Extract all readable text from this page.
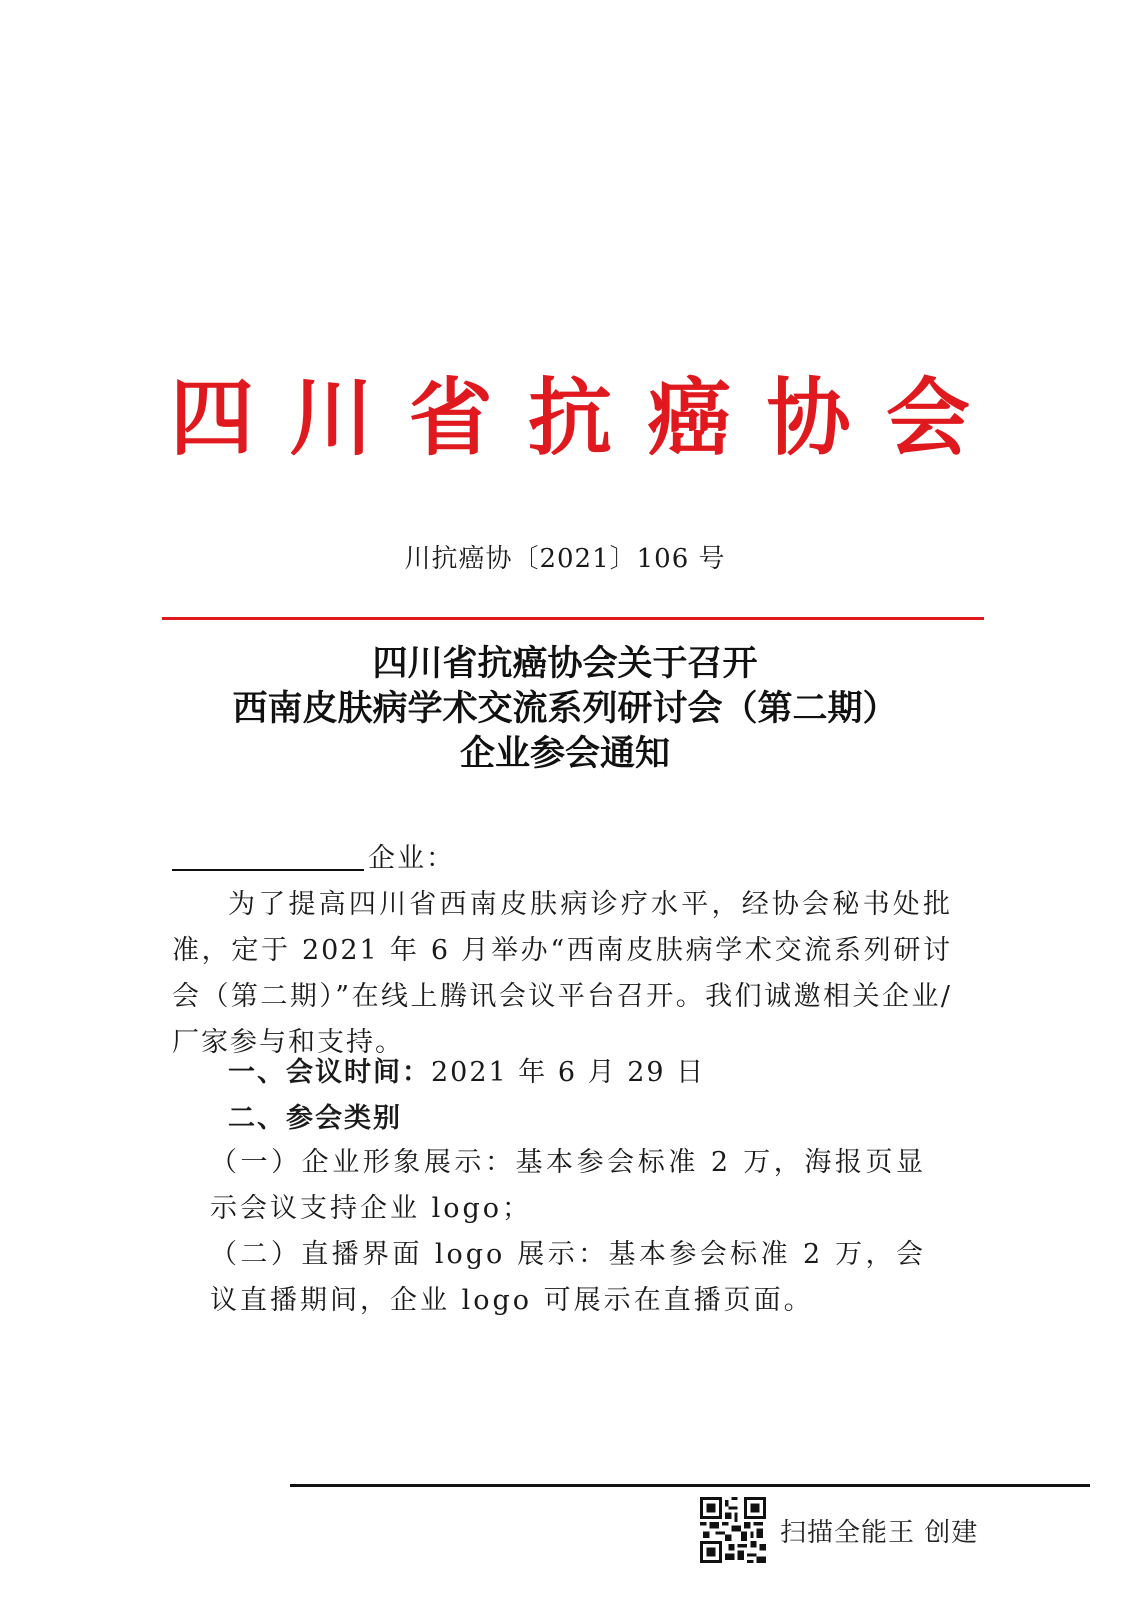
四 川 省 抗 癌 协 会

川抗癌协〔2021〕106 号

四川省抗癌协会关于召开
西南皮肤病学术交流系列研讨会（第二期）
企业参会通知

企业：

为了提高四川省西南皮肤病诊疗水平，经协会秘书处批准，定于 2021 年 6 月举办“西南皮肤病学术交流系列研讨会（第二期）”在线上腾讯会议平台召开。我们诚邀相关企业/厂家参与和支持。

一、会议时间：2021 年 6 月 29 日

二、参会类别

（一）企业形象展示：基本参会标准 2 万，海报页显示会议支持企业 logo；

（二）直播界面 logo 展示：基本参会标准 2 万，会议直播期间，企业 logo 可展示在直播页面。

扫描全能王 创建
